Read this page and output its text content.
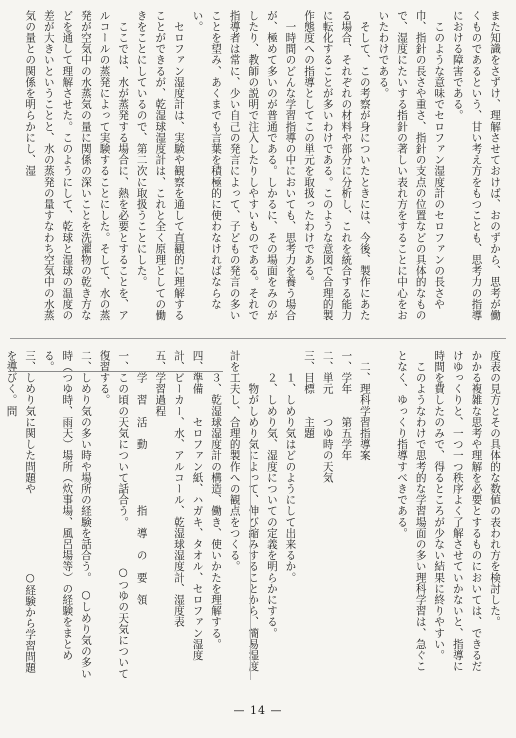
また知識をさずけ、理解させておけば、おのずから、思考が働くものであるという、甘い考え方をもつことも、思考力の指導における障害である。
　このような意味でセロファン湿度計のセロファンの長さや巾、指針の長さや重さ、指針の支点の位置などの具体的なもので、湿度にたいする指針の著しい表れ方をすることに中心をおいたわけである。
　そして、この考察が身についたときには、今後、製作にあたる場合、それぞれの材料や部分に分析し、これを統合する能力に転化することが多いわけである。このような意図で合理的製作態度への指導としてこの単元を取扱ったわけである。
　一時間のどんな学習指導の中においても、思考力を養う場合が、極めて多いのが普通である。しかるに、その場面をみのがしたり、教師の説明で注入したりしやすいものである。それで指導者は常に、少い自己の発言によって、子どもの発言の多いことを望み、あくまでも言葉を積極的に使わなければならない。
　セロファン湿度計は、実験や観察を通して直観的に理解することができるが、乾湿球湿度計は、これと全く原理としての働きをことにしているので、第二次に取扱うことにした。
　ここでは、水が蒸発する場合に、熱を必要とすることを、アルコールの蒸発によって実験することにした。そして、水の蒸発が空気中の水蒸気の量に関係の深いことを洗濯物の乾き方などを通して理解させた。このようにして、乾球と湿球の温度の差が大きいということと、水の蒸発の量すなわち空気中の水蒸気の量との関係を明らかにし、湿
度表の見方とその具体的な数値の表われ方を検討した。
かかる複雑な思考や理解を必要とするものにおいては、できるだけゆっくりと、一つ一つ秩序よく了解させていかないと、指導に時間を費したのみで、得るところが少ない結果に終りやすい。
　このようなわけで思考的な学習場面の多い理科学習は、急ぐことなく、ゆっくり指導すべきである。

　二、理科学習指導案
一、学年　　第五学年
二、単元　　つゆ時の天気
三、目標　　主題
　　１、しめり気はどのようにして出来るか。
　　２、しめり気、湿度についての定義を明らかにする。
　　　物がしめり気によって、伸び縮みすることから、簡易湿度計を工夫し、合理的製作への観点をつくる。
　　３、乾湿球湿度計の構造、働き、使いかたを理解する。
四、準備　　セロファン紙、ハガキ、タオル、セロファン湿度計、ビーカー、水、アルコール、乾湿球湿度計、湿度表
五、学習過程
　　学　習　活　動　　　　　指　導　の　要　領
一、この頃の天気について話合う。　　　　○つゆの天気について復習する。
二、しめり気の多い時や場所の経験を話合う。　○しめり気の多い時（つゆ時、雨天）場所（炊事場、風呂場等）の経験をまとめる。
三、しめり気に関した問題や　　　　　　　○経験から学習問題を導びく。問
— 14 —
